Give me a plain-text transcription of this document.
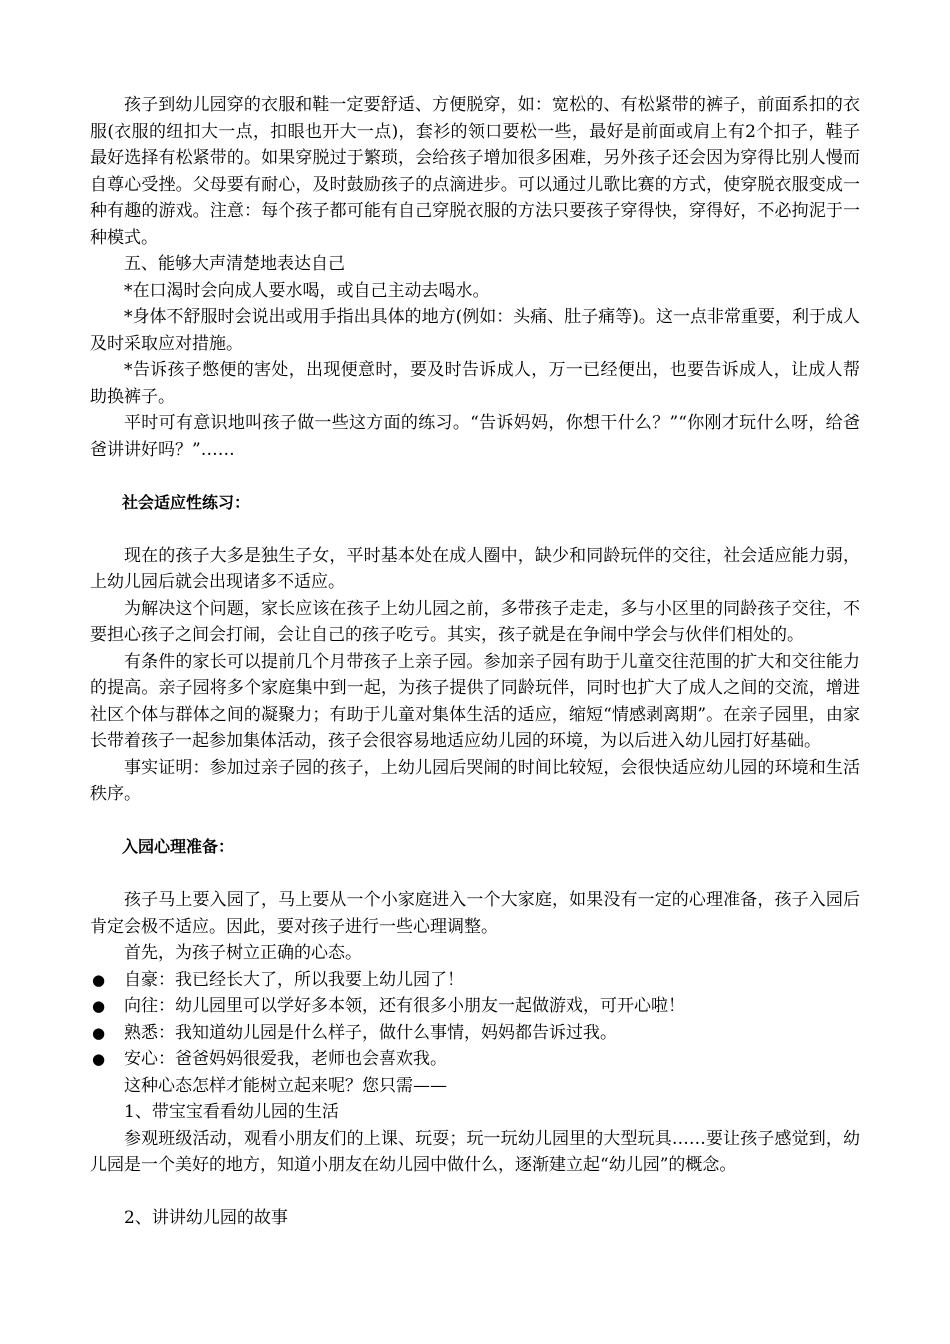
孩子到幼儿园穿的衣服和鞋一定要舒适、方便脱穿，如：宽松的、有松紧带的裤子，前面系扣的衣服(衣服的纽扣大一点，扣眼也开大一点)，套衫的领口要松一些，最好是前面或肩上有2个扣子，鞋子最好选择有松紧带的。如果穿脱过于繁琐，会给孩子增加很多困难，另外孩子还会因为穿得比别人慢而自尊心受挫。父母要有耐心，及时鼓励孩子的点滴进步。可以通过儿歌比赛的方式，使穿脱衣服变成一种有趣的游戏。注意：每个孩子都可能有自己穿脱衣服的方法只要孩子穿得快，穿得好，不必拘泥于一种模式。

五、能够大声清楚地表达自己

*在口渴时会向成人要水喝，或自己主动去喝水。

*身体不舒服时会说出或用手指出具体的地方(例如：头痛、肚子痛等)。这一点非常重要，利于成人及时采取应对措施。

*告诉孩子憋便的害处，出现便意时，要及时告诉成人，万一已经便出，也要告诉成人，让成人帮助换裤子。

平时可有意识地叫孩子做一些这方面的练习。“告诉妈妈，你想干什么？”“你刚才玩什么呀，给爸爸讲讲好吗？”……

社会适应性练习：

现在的孩子大多是独生子女，平时基本处在成人圈中，缺少和同龄玩伴的交往，社会适应能力弱，上幼儿园后就会出现诸多不适应。

为解决这个问题，家长应该在孩子上幼儿园之前，多带孩子走走，多与小区里的同龄孩子交往，不要担心孩子之间会打闹，会让自己的孩子吃亏。其实，孩子就是在争闹中学会与伙伴们相处的。

有条件的家长可以提前几个月带孩子上亲子园。参加亲子园有助于儿童交往范围的扩大和交往能力的提高。亲子园将多个家庭集中到一起，为孩子提供了同龄玩伴，同时也扩大了成人之间的交流，增进社区个体与群体之间的凝聚力；有助于儿童对集体生活的适应，缩短“情感剥离期”。在亲子园里，由家长带着孩子一起参加集体活动，孩子会很容易地适应幼儿园的环境，为以后进入幼儿园打好基础。

事实证明：参加过亲子园的孩子，上幼儿园后哭闹的时间比较短，会很快适应幼儿园的环境和生活秩序。

入园心理准备：

孩子马上要入园了，马上要从一个小家庭进入一个大家庭，如果没有一定的心理准备，孩子入园后肯定会极不适应。因此，要对孩子进行一些心理调整。

首先，为孩子树立正确的心态。

●	自豪：我已经长大了，所以我要上幼儿园了！
●	向往：幼儿园里可以学好多本领，还有很多小朋友一起做游戏，可开心啦！
●	熟悉：我知道幼儿园是什么样子，做什么事情，妈妈都告诉过我。
●	安心：爸爸妈妈很爱我，老师也会喜欢我。

这种心态怎样才能树立起来呢？您只需——

1、带宝宝看看幼儿园的生活

参观班级活动，观看小朋友们的上课、玩耍；玩一玩幼儿园里的大型玩具……要让孩子感觉到，幼儿园是一个美好的地方，知道小朋友在幼儿园中做什么，逐渐建立起“幼儿园”的概念。

2、讲讲幼儿园的故事
